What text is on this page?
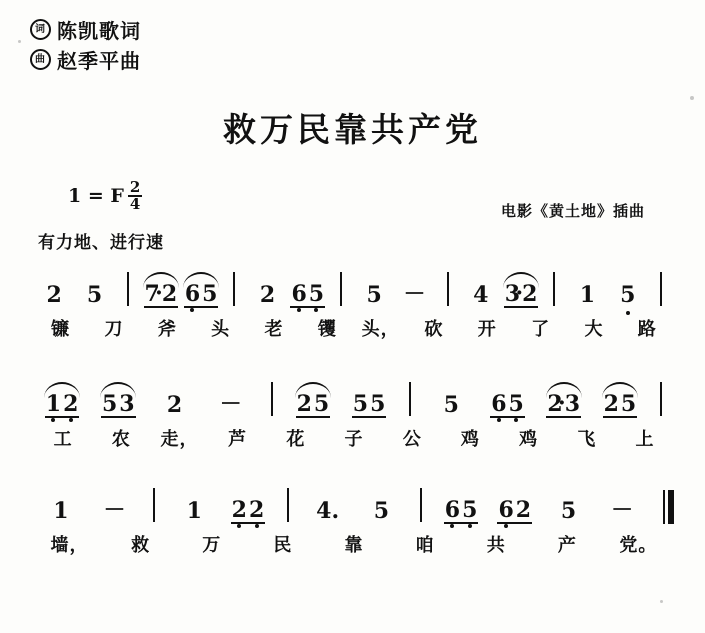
词 陈凯歌词
曲 赵季平曲
救万民靠共产党
1 = F $\frac{2}{4}$
有力地、进行速
电影《黄土地》插曲
2 5 7 · 2 6 5 2 6 5 5 － 4 3 · 2 1 5
镰	刀	斧	头	老	䦆	头，	砍	开	了	大	路
1 2 5 3 2 － 2 5 5 5	5 6 5 2 · 3 2 5
工	农	走，	芦	花	子	公	鸡	鸡	飞	上
1 －	1 2 2 4. 5	6 5 6 2 5 －
墙，	救	万	民	靠	咱	共	产	党。
